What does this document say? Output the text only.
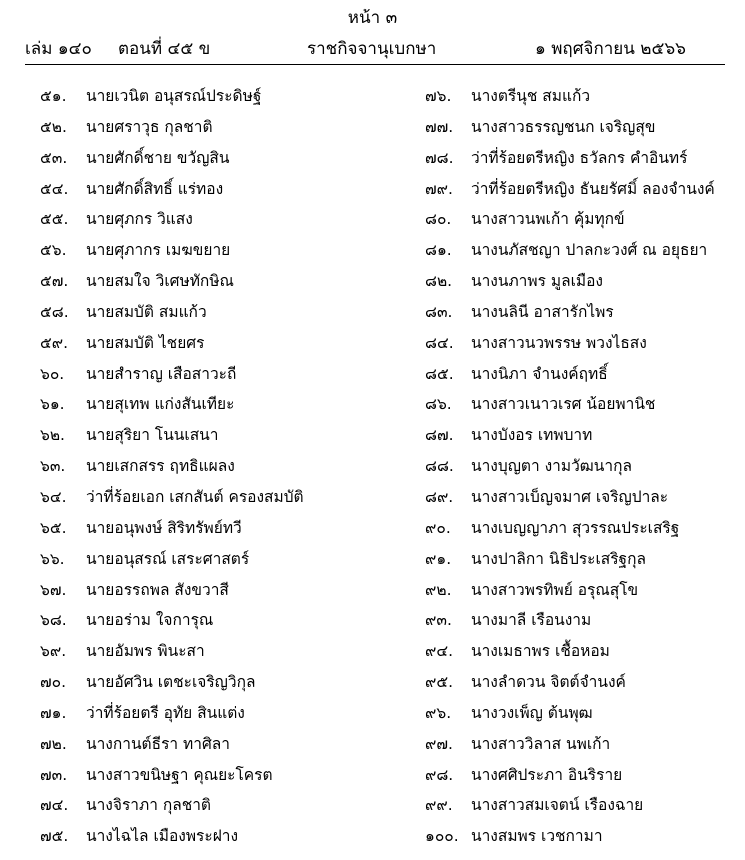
หน้า ๓
เล่ม ๑๔๐ ตอนที่ ๔๕ ข	ราชกิจจานุเบกษา	๑ พฤศจิกายน ๒๕๖๖
๕๑.	นายเวนิต อนุสรณ์ประดิษฐ์
๕๒.	นายศราวุธ กุลชาติ
๕๓.	นายศักดิ์ชาย ขวัญสิน
๕๔.	นายศักดิ์สิทธิ์ แร่ทอง
๕๕.	นายศุภกร วิแสง
๕๖.	นายศุภากร เมฆขยาย
๕๗.	นายสมใจ วิเศษทักษิณ
๕๘.	นายสมบัติ สมแก้ว
๕๙.	นายสมบัติ ไชยศร
๖๐.	นายสำราญ เสือสาวะถี
๖๑.	นายสุเทพ แก่งสันเทียะ
๖๒.	นายสุริยา โนนเสนา
๖๓.	นายเสกสรร ฤทธิแผลง
๖๔.	ว่าที่ร้อยเอก เสกสันต์ ครองสมบัติ
๖๕.	นายอนุพงษ์ สิริทรัพย์ทวี
๖๖.	นายอนุสรณ์ เสระศาสตร์
๖๗.	นายอรรถพล สังขวาสี
๖๘.	นายอร่าม ใจการุณ
๖๙.	นายอัมพร พินะสา
๗๐.	นายอัศวิน เตชะเจริญวิกุล
๗๑.	ว่าที่ร้อยตรี อุทัย สินแต่ง
๗๒.	นางกานต์ธีรา ทาศิลา
๗๓.	นางสาวขนิษฐา คุณยะโครต
๗๔.	นางจิราภา กุลชาติ
๗๕.	นางไฉไล เมืองพระฝาง
๗๖.	นางตรีนุช สมแก้ว
๗๗.	นางสาวธรรญชนก เจริญสุข
๗๘.	ว่าที่ร้อยตรีหญิง ธวัลกร คำอินทร์
๗๙.	ว่าที่ร้อยตรีหญิง ธันยรัศมิ์ ลองจำนงค์
๘๐.	นางสาวนพเก้า คุ้มทุกข์
๘๑.	นางนภัสชญา ปาลกะวงศ์ ณ อยุธยา
๘๒.	นางนภาพร มูลเมือง
๘๓.	นางนลินี อาสารักไพร
๘๔.	นางสาวนวพรรษ พวงไธสง
๘๕.	นางนิภา จำนงค์ฤทธิ์
๘๖.	นางสาวเนาวเรศ น้อยพานิช
๘๗.	นางบังอร เทพบาท
๘๘.	นางบุญตา งามวัฒนากุล
๘๙.	นางสาวเบ็ญจมาศ เจริญปาละ
๙๐.	นางเบญญาภา สุวรรณประเสริฐ
๙๑.	นางปาลิกา นิธิประเสริฐกุล
๙๒.	นางสาวพรทิพย์ อรุณสุโข
๙๓.	นางมาลี เรือนงาม
๙๔.	นางเมธาพร เชื้อหอม
๙๕.	นางลำดวน จิตต์จำนงค์
๙๖.	นางวงเพ็ญ ต้นพุฒ
๙๗.	นางสาววิลาส นพเก้า
๙๘.	นางศศิประภา อินริราย
๙๙.	นางสาวสมเจตน์ เรืองฉาย
๑๐๐. นางสมพร เวชกามา
